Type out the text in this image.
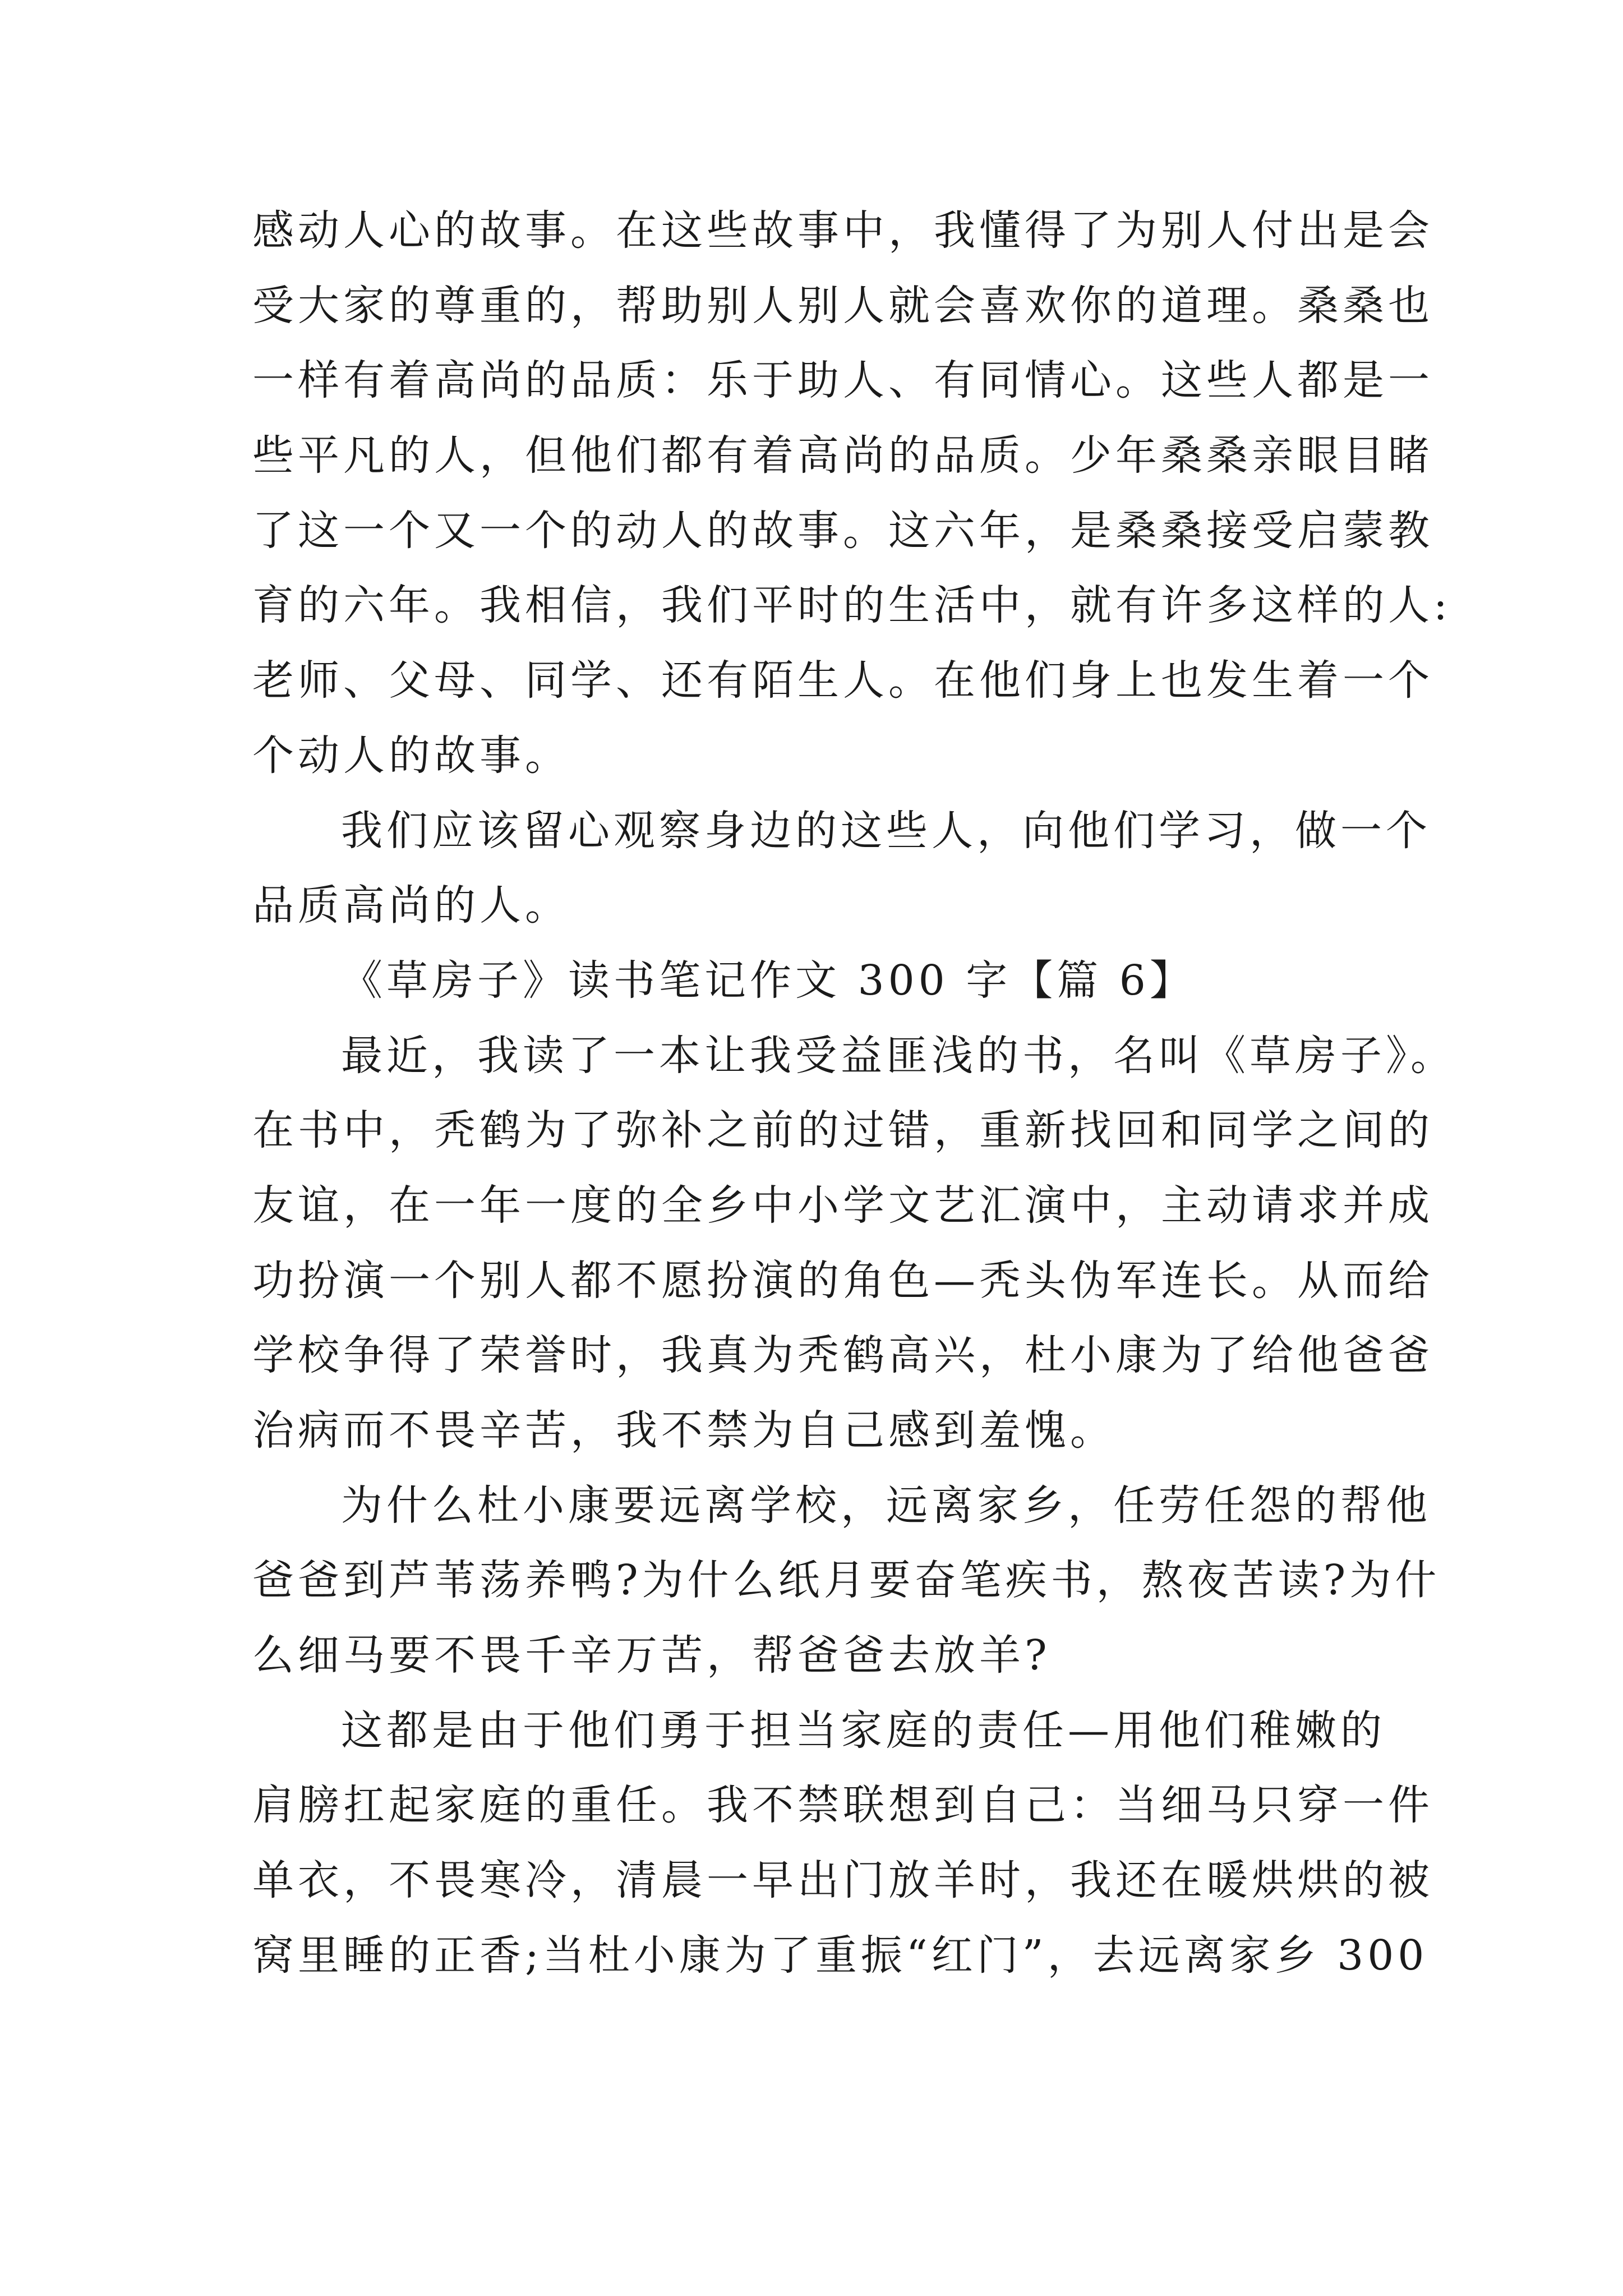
感动人心的故事。在这些故事中，我懂得了为别人付出是会
受大家的尊重的，帮助别人别人就会喜欢你的道理。桑桑也
一样有着高尚的品质：乐于助人、有同情心。这些人都是一
些平凡的人，但他们都有着高尚的品质。少年桑桑亲眼目睹
了这一个又一个的动人的故事。这六年，是桑桑接受启蒙教
育的六年。我相信，我们平时的生活中，就有许多这样的人:
老师、父母、同学、还有陌生人。在他们身上也发生着一个
个动人的故事。
我们应该留心观察身边的这些人，向他们学习，做一个
品质高尚的人。
《草房子》读书笔记作文 300 字【篇 6】
最近，我读了一本让我受益匪浅的书，名叫《草房子》。
在书中，秃鹤为了弥补之前的过错，重新找回和同学之间的
友谊，在一年一度的全乡中小学文艺汇演中，主动请求并成
功扮演一个别人都不愿扮演的角色—秃头伪军连长。从而给
学校争得了荣誉时，我真为秃鹤高兴，杜小康为了给他爸爸
治病而不畏辛苦，我不禁为自己感到羞愧。
为什么杜小康要远离学校，远离家乡，任劳任怨的帮他
爸爸到芦苇荡养鸭?为什么纸月要奋笔疾书，熬夜苦读?为什
么细马要不畏千辛万苦，帮爸爸去放羊?
这都是由于他们勇于担当家庭的责任—用他们稚嫩的
肩膀扛起家庭的重任。我不禁联想到自己：当细马只穿一件
单衣，不畏寒冷，清晨一早出门放羊时，我还在暖烘烘的被
窝里睡的正香;当杜小康为了重振“红门”，去远离家乡 300
